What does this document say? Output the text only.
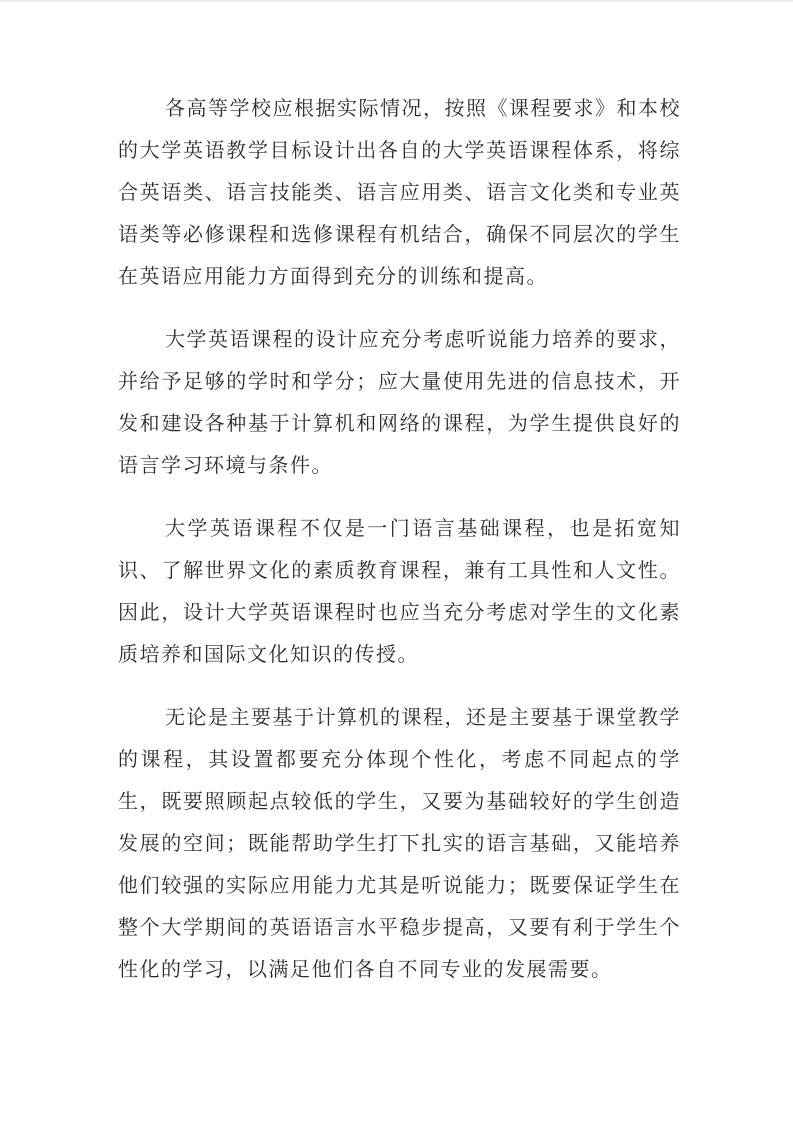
各高等学校应根据实际情况，按照《课程要求》和本校的大学英语教学目标设计出各自的大学英语课程体系，将综合英语类、语言技能类、语言应用类、语言文化类和专业英语类等必修课程和选修课程有机结合，确保不同层次的学生在英语应用能力方面得到充分的训练和提高。

大学英语课程的设计应充分考虑听说能力培养的要求，并给予足够的学时和学分；应大量使用先进的信息技术，开发和建设各种基于计算机和网络的课程，为学生提供良好的语言学习环境与条件。

大学英语课程不仅是一门语言基础课程，也是拓宽知识、了解世界文化的素质教育课程，兼有工具性和人文性。因此，设计大学英语课程时也应当充分考虑对学生的文化素质培养和国际文化知识的传授。

无论是主要基于计算机的课程，还是主要基于课堂教学的课程，其设置都要充分体现个性化，考虑不同起点的学生，既要照顾起点较低的学生，又要为基础较好的学生创造发展的空间；既能帮助学生打下扎实的语言基础，又能培养他们较强的实际应用能力尤其是听说能力；既要保证学生在整个大学期间的英语语言水平稳步提高，又要有利于学生个性化的学习，以满足他们各自不同专业的发展需要。
